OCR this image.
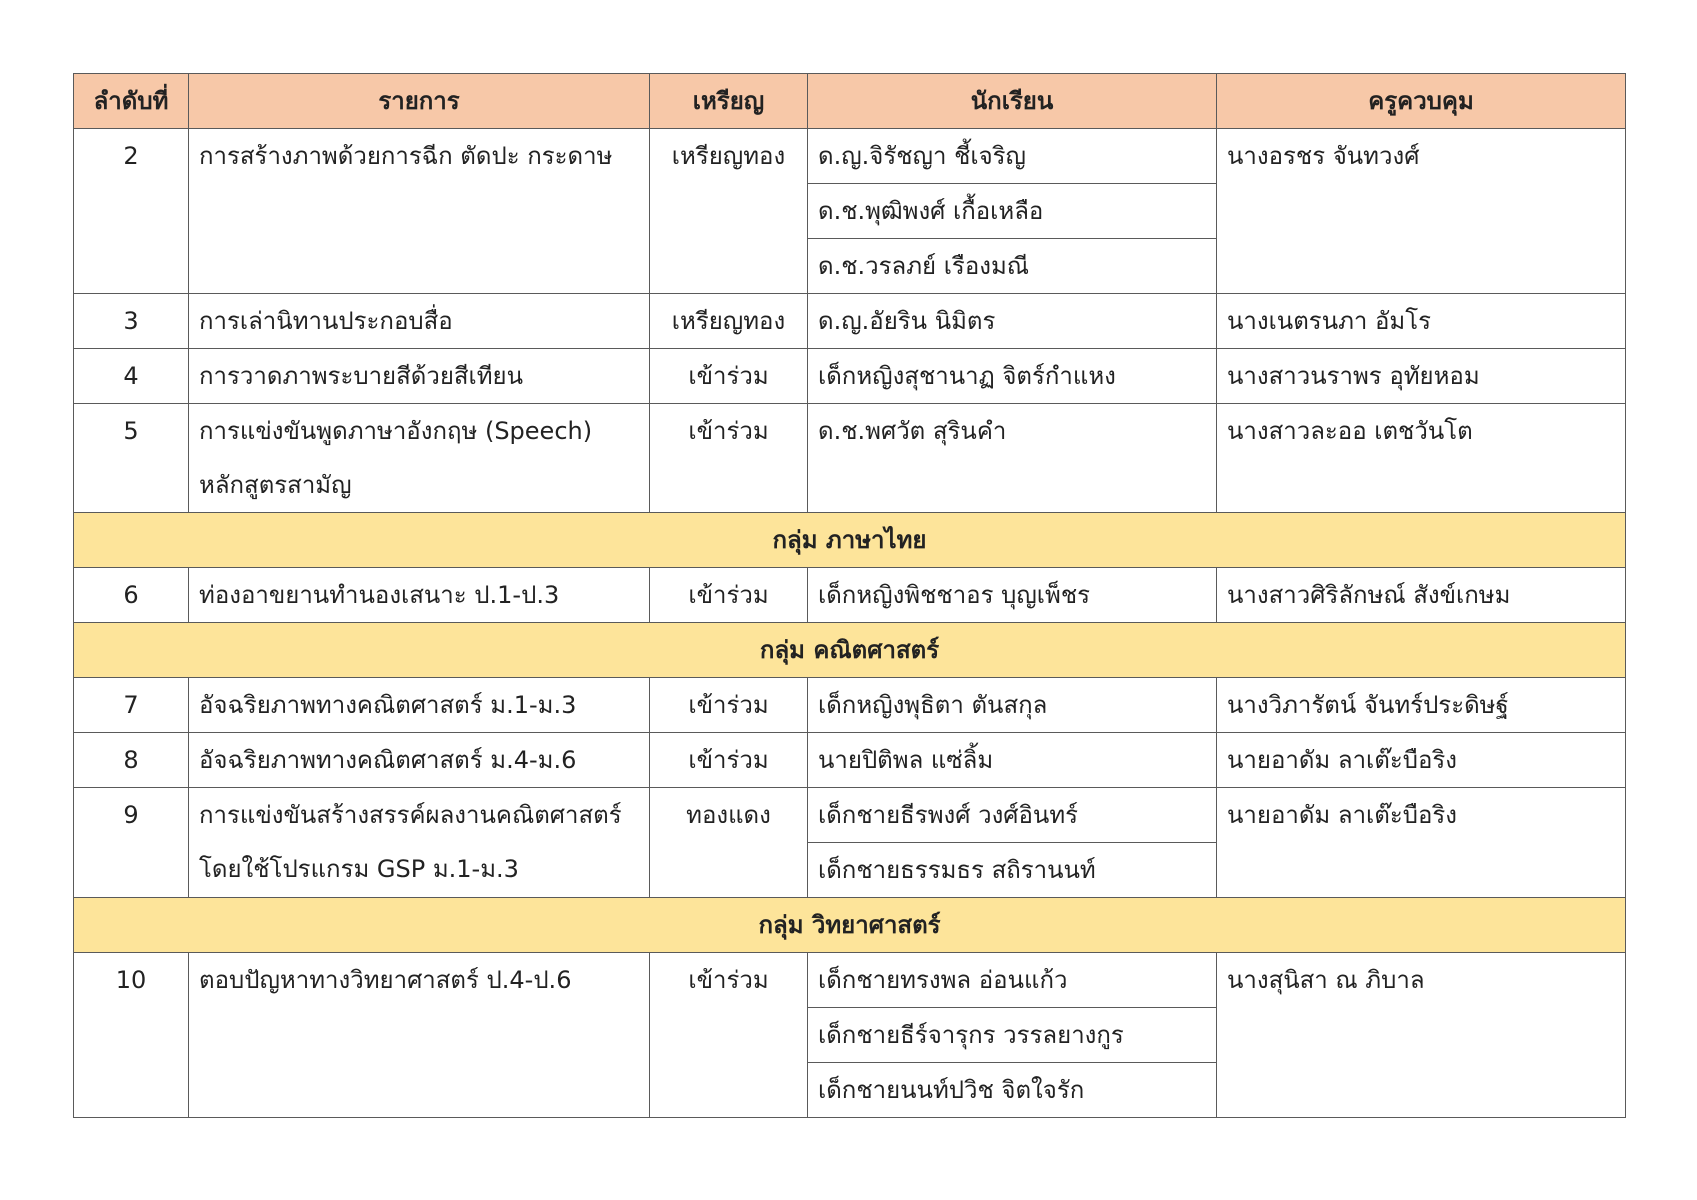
ลำดับที่	รายการ	เหรียญ	นักเรียน	ครูควบคุม
2	การสร้างภาพด้วยการฉีก ตัดปะ กระดาษ	เหรียญทอง	ด.ญ.จิรัชญา ชี้เจริญ	นางอรชร จันทวงศ์
			ด.ช.พุฒิพงศ์ เกื้อเหลือ	
			ด.ช.วรลภย์ เรืองมณี	
3	การเล่านิทานประกอบสื่อ	เหรียญทอง	ด.ญ.อัยริน นิมิตร	นางเนตรนภา อัมโร
4	การวาดภาพระบายสีด้วยสีเทียน	เข้าร่วม	เด็กหญิงสุชานาฏ จิตร์กำแหง	นางสาวนราพร อุทัยหอม
5	การแข่งขันพูดภาษาอังกฤษ (Speech)
หลักสูตรสามัญ	เข้าร่วม	ด.ช.พศวัต สุรินคำ	นางสาวละออ เตชวันโต
กลุ่ม ภาษาไทย				
6	ท่องอาขยานทำนองเสนาะ ป.1-ป.3	เข้าร่วม	เด็กหญิงพิชชาอร บุญเพ็ชร	นางสาวศิริลักษณ์ สังข์เกษม
กลุ่ม คณิตศาสตร์				
7	อัจฉริยภาพทางคณิตศาสตร์ ม.1-ม.3	เข้าร่วม	เด็กหญิงพุธิตา ตันสกุล	นางวิภารัตน์ จันทร์ประดิษฐ์
8	อัจฉริยภาพทางคณิตศาสตร์ ม.4-ม.6	เข้าร่วม	นายปิติพล แซ่ลิ้ม	นายอาดัม ลาเต๊ะบือริง
9	การแข่งขันสร้างสรรค์ผลงานคณิตศาสตร์
โดยใช้โปรแกรม GSP ม.1-ม.3	ทองแดง	เด็กชายธีรพงศ์ วงศ์อินทร์	นายอาดัม ลาเต๊ะบือริง
			เด็กชายธรรมธร สถิรานนท์	
กลุ่ม วิทยาศาสตร์				
10	ตอบปัญหาทางวิทยาศาสตร์ ป.4-ป.6	เข้าร่วม	เด็กชายทรงพล อ่อนแก้ว	นางสุนิสา ณ ภิบาล
			เด็กชายธีร์จารุกร วรรลยางกูร	
			เด็กชายนนท์ปวิช จิตใจรัก	
